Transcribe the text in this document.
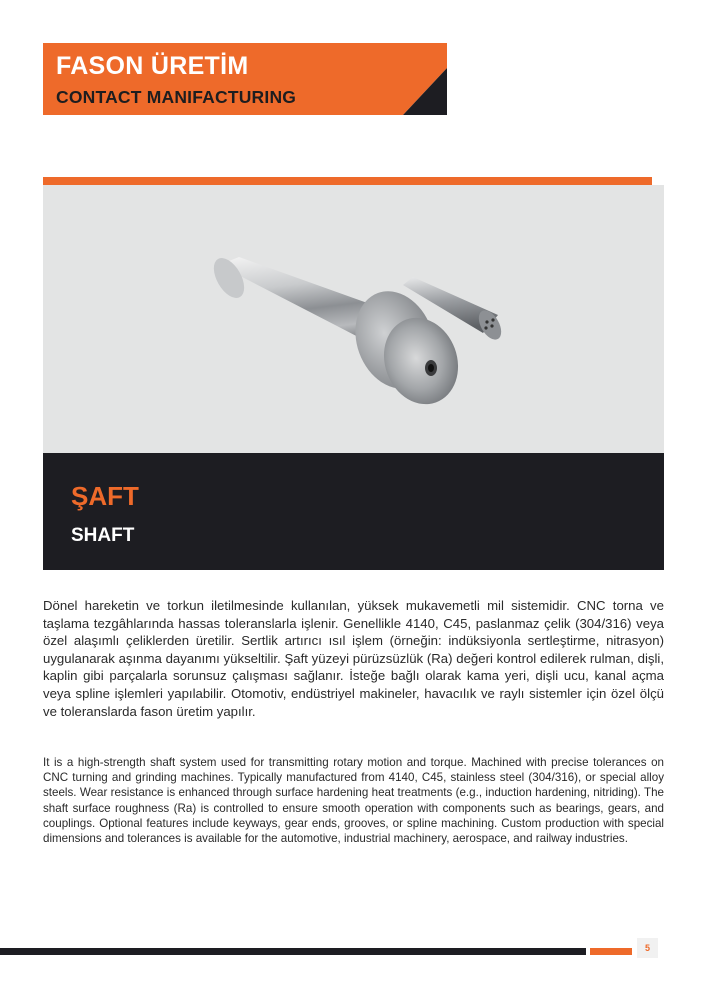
FASON ÜRETİM
CONTACT MANIFACTURING
ŞAFT
SHAFT
Dönel hareketin ve torkun iletilmesinde kullanılan, yüksek mukavemetli mil sistemidir. CNC torna ve taşlama tezgâhlarında hassas toleranslarla işlenir. Genellikle 4140, C45, paslanmaz çelik (304/316) veya özel alaşımlı çeliklerden üretilir. Sertlik artırıcı ısıl işlem (örneğin: indüksiyonla sertleştirme, nitrasyon) uygulanarak aşınma dayanımı yükseltilir. Şaft yüzeyi pürüzsüzlük (Ra) değeri kontrol edilerek rulman, dişli, kaplin gibi parçalarla sorunsuz çalışması sağlanır. İsteğe bağlı olarak kama yeri, dişli ucu, kanal açma veya spline işlemleri yapılabilir. Otomotiv, endüstriyel makineler, havacılık ve raylı sistemler için özel ölçü ve toleranslarda fason üretim yapılır.
It is a high-strength shaft system used for transmitting rotary motion and torque. Machined with precise tolerances on CNC turning and grinding machines. Typically manufactured from 4140, C45, stainless steel (304/316), or special alloy steels. Wear resistance is enhanced through surface hardening heat treatments (e.g., induction hardening, nitriding). The shaft surface roughness (Ra) is controlled to ensure smooth operation with components such as bearings, gears, and couplings. Optional features include keyways, gear ends, grooves, or spline machining. Custom production with special dimensions and tolerances is available for the automotive, industrial machinery, aerospace, and railway industries.
5
